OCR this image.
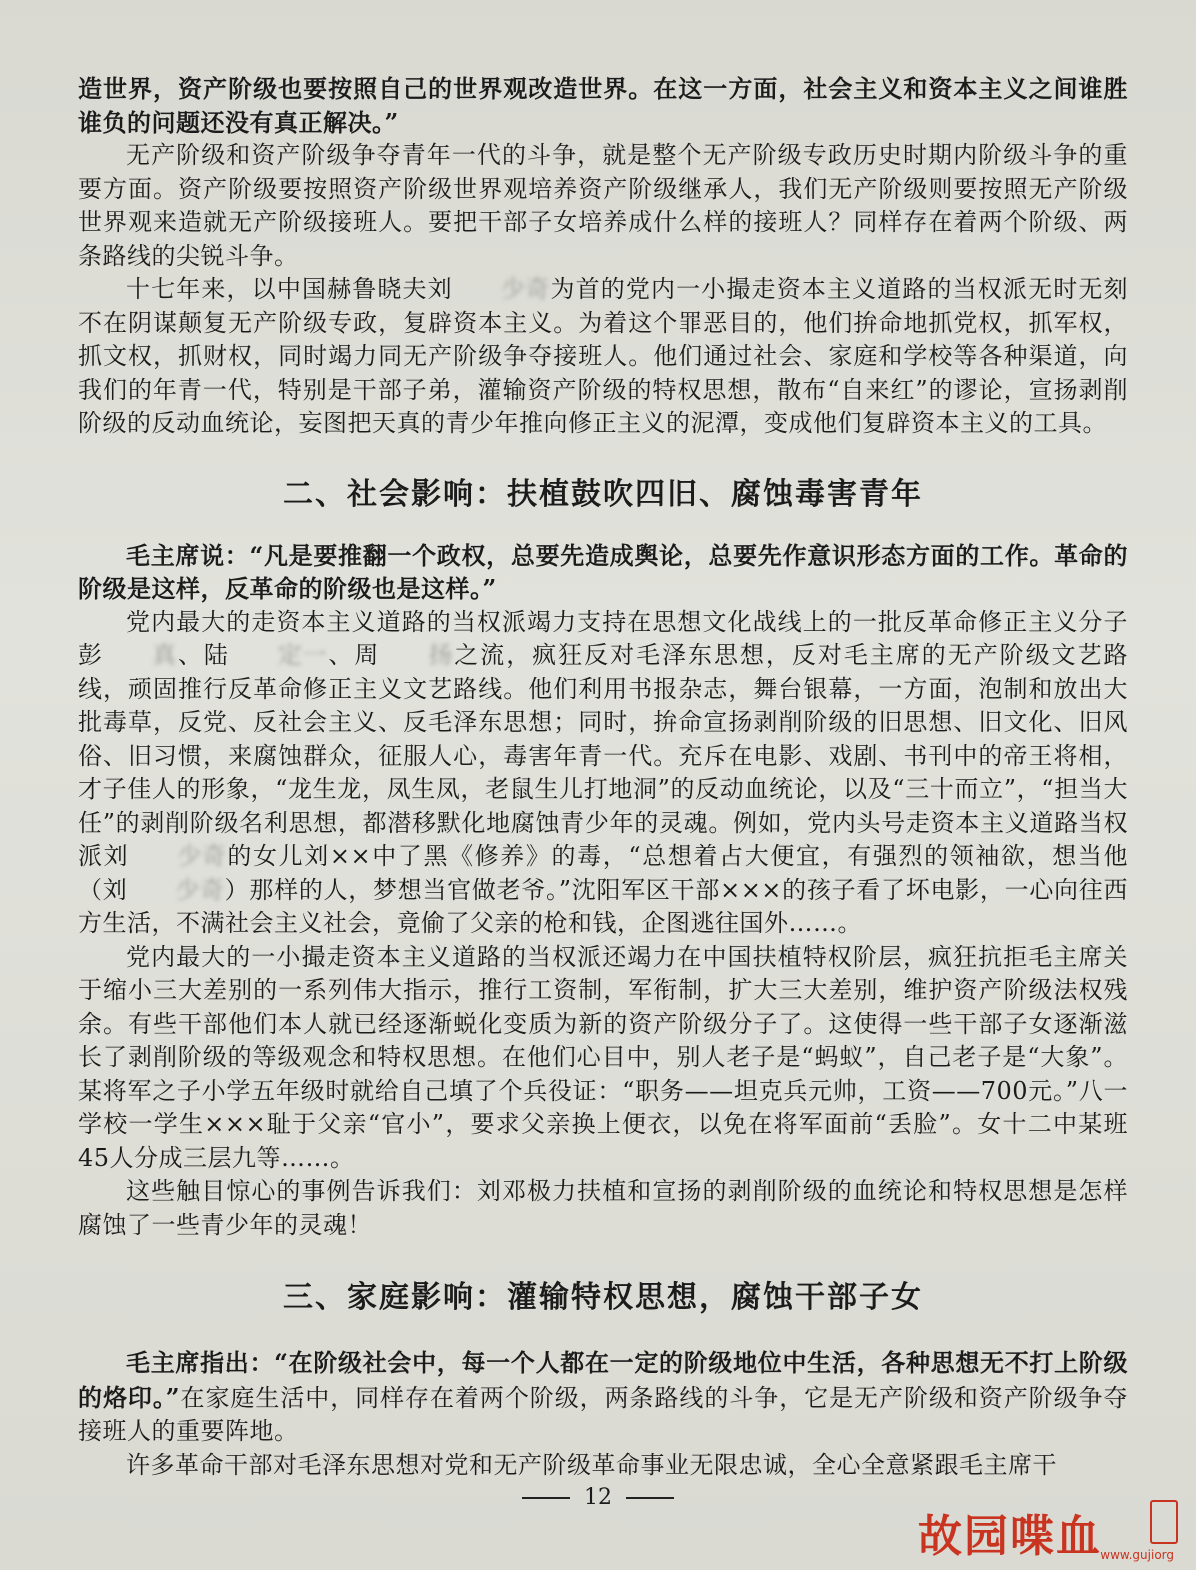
造世界，资产阶级也要按照自己的世界观改造世界。在这一方面，社会主义和资本主义之间谁胜谁负的问题还没有真正解决。”

无产阶级和资产阶级争夺青年一代的斗争，就是整个无产阶级专政历史时期内阶级斗争的重要方面。资产阶级要按照资产阶级世界观培养资产阶级继承人，我们无产阶级则要按照无产阶级世界观来造就无产阶级接班人。要把干部子女培养成什么样的接班人？同样存在着两个阶级、两条路线的尖锐斗争。

十七年来，以中国赫鲁晓夫刘 少奇为首的党内一小撮走资本主义道路的当权派无时无刻不在阴谋颠复无产阶级专政，复辟资本主义。为着这个罪恶目的，他们拚命地抓党权，抓军权，抓文权，抓财权，同时竭力同无产阶级争夺接班人。他们通过社会、家庭和学校等各种渠道，向我们的年青一代，特别是干部子弟，灌输资产阶级的特权思想，散布“自来红”的谬论，宣扬剥削阶级的反动血统论，妄图把天真的青少年推向修正主义的泥潭，变成他们复辟资本主义的工具。

二、社会影响：扶植鼓吹四旧、腐蚀毒害青年

毛主席说：“凡是要推翻一个政权，总要先造成舆论，总要先作意识形态方面的工作。革命的阶级是这样，反革命的阶级也是这样。”

党内最大的走资本主义道路的当权派竭力支持在思想文化战线上的一批反革命修正主义分子彭 真、陆 定一、周 扬之流，疯狂反对毛泽东思想，反对毛主席的无产阶级文艺路线，顽固推行反革命修正主义文艺路线。他们利用书报杂志，舞台银幕，一方面，泡制和放出大批毒草，反党、反社会主义、反毛泽东思想；同时，拚命宣扬剥削阶级的旧思想、旧文化、旧风俗、旧习惯，来腐蚀群众，征服人心，毒害年青一代。充斥在电影、戏剧、书刊中的帝王将相，才子佳人的形象，“龙生龙，凤生凤，老鼠生儿打地洞”的反动血统论，以及“三十而立”，“担当大任”的剥削阶级名利思想，都潜移默化地腐蚀青少年的灵魂。例如，党内头号走资本主义道路当权派刘 少奇的女儿刘××中了黑《修养》的毒，“总想着占大便宜，有强烈的领袖欲，想当他（刘 少奇）那样的人，梦想当官做老爷。”沈阳军区干部×××的孩子看了坏电影，一心向往西方生活，不满社会主义社会，竟偷了父亲的枪和钱，企图逃往国外……。

党内最大的一小撮走资本主义道路的当权派还竭力在中国扶植特权阶层，疯狂抗拒毛主席关于缩小三大差别的一系列伟大指示，推行工资制，军衔制，扩大三大差别，维护资产阶级法权残余。有些干部他们本人就已经逐渐蜕化变质为新的资产阶级分子了。这使得一些干部子女逐渐滋长了剥削阶级的等级观念和特权思想。在他们心目中，别人老子是“蚂蚁”，自己老子是“大象”。某将军之子小学五年级时就给自己填了个兵役证：“职务——坦克兵元帅，工资——700元。”八一学校一学生×××耻于父亲“官小”，要求父亲换上便衣，以免在将军面前“丢脸”。女十二中某班45人分成三层九等……。

这些触目惊心的事例告诉我们：刘邓极力扶植和宣扬的剥削阶级的血统论和特权思想是怎样腐蚀了一些青少年的灵魂！

三、家庭影响：灌输特权思想，腐蚀干部子女

毛主席指出：“在阶级社会中，每一个人都在一定的阶级地位中生活，各种思想无不打上阶级的烙印。”在家庭生活中，同样存在着两个阶级，两条路线的斗争，它是无产阶级和资产阶级争夺接班人的重要阵地。

许多革命干部对毛泽东思想对党和无产阶级革命事业无限忠诚，全心全意紧跟毛主席干

12
故园喋血
www.gujiorg
